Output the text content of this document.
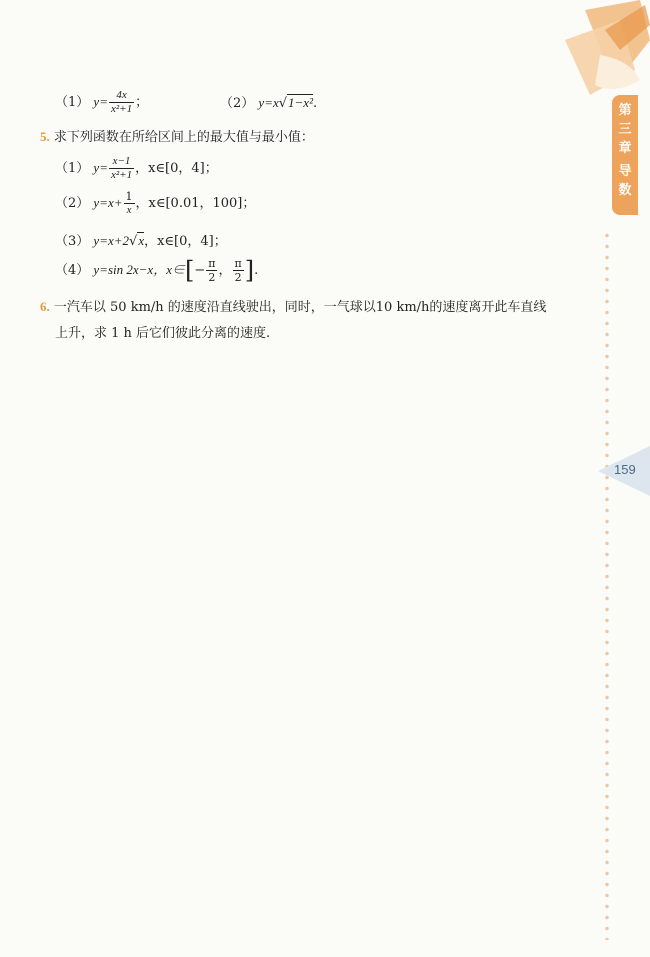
第
三
章
导
数
159
（1） $y= \frac{4x}{\text{x²+1}}$ ；	（2） y=x√1−x².
5. 求下列函数在所给区间上的最大值与最小值：
（1） $y= \frac{x-1}{\text{x²+1}}$ ，x∈[0，4]；
（2） $y=x+ \frac{1}{x}$ ，x∈[0.01，100]；
（3） y=x+2√x，x∈[0，4]；
（4） y=sin 2x−x，x∈[− $\frac{\pi}{2}$ ， $\frac{\pi}{2}$ ].
6. 一汽车以 50 km/h 的速度沿直线驶出，同时，一气球以10 km/h的速度离开此车直线
上升，求 1 h 后它们彼此分离的速度.
